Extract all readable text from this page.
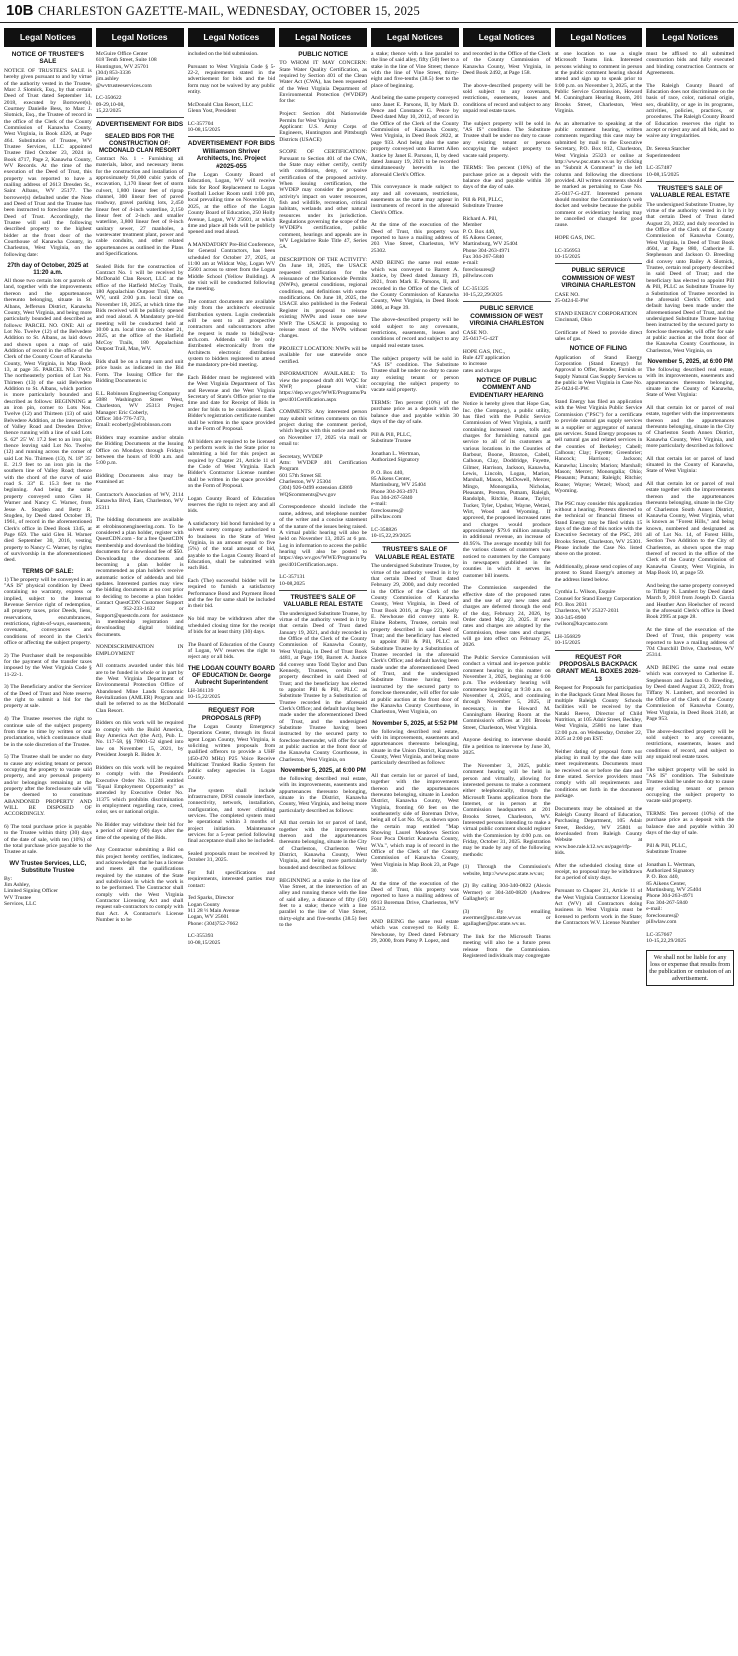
10B CHARLESTON GAZETTE-MAIL, WEDNESDAY, OCTOBER 15, 2025
Legal Notices
NOTICE OF TRUSTEE'S SALE
NOTICE OF TRUSTEE'S SALE is hereby given pursuant to and by virtue of the authority vested in the Trustee, Marc J. Slotnick, Esq., by that certain Deed of Trust dated September 14, 2018, executed by Borrower(s), Courtney Danielle Bess, to Marc J. Slotnick, Esq., the Trustee of record in the office of the Clerk of the County Commission of Kanawha County, West Virginia, in Book 4326, at Page 464. Substitution of Trustee, WV Trustee Services, LLC appointed Trustee filed October 23, 2024 in Book 4717, Page 2, Kanawha County, WV Records. At the time of the execution of the Deed of Trust, this property was reported to have a mailing address of 2613 Dresden St., Saint Albans, WV 25177. The borrower(s) defaulted under the Note and Deed of Trust and the Trustee has been instructed to foreclose under the Deed of Trust. Accordingly, the Trustee will sell the following described property to the highest bidder at the front door of the Courthouse of Kanawha County, in Charleston, West Virginia, on the following date:
27th day of October, 2025 at 11:20 a.m.
All those two certain lots or parcels of land, together with the improvements thereon and the appurtenances thereunto belonging, situate in St. Albans, Jefferson District, Kanawha County, West Virginia, and being more particularly bounded and described as follows: PARCEL NO. ONE: All of Lot No. Twelve (12) of the Belvedere Addition to St. Albans, as laid down and shown upon a map of said Addition of record in the office of the Clerk of the County Court of Kanawha County, West Virginia, in Map Book 13, at page 35. PARCEL NO. TWO: The northeasterly portion of Lot No. Thirteen (13) of the said Belvedere Addition to St. Albans, which portion is more particularly bounded and described as follows: BEGINNING at an iron pin, corner to Lots Nos. Twelve (12) and Thirteen (13) of said Belvedere Addition, at the intersection of Valley Road and Dresden Drive; thence running with a line of said Lots S. 62° 25' W. 17.2 feet to an iron pin; thence leaving said Lot No. Twelve (12) and running across the corner of said Lot No. Thirteen (13), N. 18° 35' E. 21.9 feet to an iron pin in the southern line of Valley Road; thence with the chord of the curve of said road S. 33° E. 15.3 feet to the beginning. And being the same property conveyed unto Glen H. Warner and Nancy C. Warner, from Jesse A. Stogden and Betty R. Stogden, by Deed dated October 19, 1961, of record in the aforementioned Clerk's office in Deed Book 1345, at Page 659. The said Glen H. Warner died September 30, 2016, vesting property to Nancy C. Warner, by rights of survivorship in the aforementioned deed.
TERMS OF SALE:
1) The property will be conveyed in an "AS IS" physical condition by Deed containing no warranty, express or implied, subject to the Internal Revenue Service right of redemption, all property taxes, prior Deeds, liens, reservations, encumbrances, restrictions, rights-of-ways, easements, covenants, conveyances and conditions of record in the Clerk's office or affecting the subject property.

2) The Purchaser shall be responsible for the payment of the transfer taxes imposed by the West Virginia Code § 11-22-1.

3) The Beneficiary and/or the Servicer of the Deed of Trust and Note reserve the right to submit a bid for the property at sale.

4) The Trustee reserves the right to continue sale of the subject property from time to time by written or oral proclamation, which continuance shall be in the sole discretion of the Trustee.

5) The Trustee shall be under no duty to cause any existing tenant or person occupying the property to vacate said property, and any personal property and/or belongings remaining at the property after the foreclosure sale will be deemed to constitute ABANDONED PROPERTY AND WILL BE DISPOSED OF ACCORDINGLY.

6) The total purchase price is payable to the Trustee within thirty (30) days of the date of sale, with ten (10%) of the total purchase price payable to the Trustee at sale.
WV Trustee Services, LLC, Substitute Trustee
By:
Jim Ashley,
Limited Signing Officer
WV Trustee
Services, LLC
Legal Notices
McGuire Office Center
618 Tenth Street, Suite 108
Huntington, WV 25701
(304) 853-3336
jim.ashley
@wvtrusteeservices.com

LC-350622
09-29,10-08,
15,22/2025
ADVERTISEMENT FOR BIDS
SEALED BIDS FOR THE CONSTRUCTION OF: MCDONALD CLAN RESORT
Contract No. 1 - Furnishing all materials, labor, and necessary items for the construction and installation of approximately 91,000 cubic yards of excavation, 1,170 linear feet of storm culvert, 1,800 linear feet of riprap channel, 300 linear feet of paved roadway, gravel parking lots, 2,450 linear feet of 4-inch waterline, 2,150 linear feet of 2-inch and smaller waterline, 3,800 linear feet of 8-inch sanitary sewer, 27 manholes, a wastewater treatment plant, power and cable conduits, and other related appurtenances as outlined in the Plans and Specifications.

Sealed Bids for the construction of Contract No. 1 will be received by McDonald Clan Resort, LLC at the office of the Hatfield McCoy Trails, 180 Appalachian Outpost Trail, Man, WV, until 2:00 p.m. local time on November 18, 2025, at which time the Bids received will be publicly opened and read aloud. A Mandatory pre-bid meeting will be conducted held at 10:00 a.m. local time on October 21, 2025, at the office of the Hatfield McCoy Trails, 180 Appalachian Outpost Trail, Man, WV.

Bids shall be on a lump sum and unit price basis as indicated in the Bid Form. The Issuing Office for the Bidding Documents is:

E.L. Robinson Engineering Company
5088 Washington Street West, Charleston, WV 25313 Project Manager: Eric Coberly,
Office: 304-776-7473,
Email: ecoberly@elrobinson.com

Bidders may examine and/or obtain the Bidding Documents at the Issuing Office on Mondays through Fridays between the hours of 8:00 a.m. and 5:00 p.m.

Bidding Documents also may be examined at:

Contractor's Association of WV, 2114 Kanawha Blvd, East, Charleston, WV 25311

The bidding documents are available at elrobinsonengineering.com. To be considered a plan holder, register with QuestCDN.com - for a free QuestCDN membership and download the bidding documents for a download fee of $50. Downloading the documents and becoming a plan holder is recommended as plan holder's receive automatic notice of addenda and bid updates. Interested parties may view the bidding documents at no cost prior to deciding to become a plan holder. Contact QuestCDN Customer Support at 952-233-1632 or Support@questcdn.com for assistance in membership registration and downloading digital bidding documents.

NONDISCRIMINATION IN EMPLOYMENT

All contracts awarded under this bid are to be funded in whole or in part by the West Virginia Department of Environmental Protection Office of Abandoned Mine Lands Economic Revitalization (AMLER) Program and shall be referred to as the McDonald Clan Resort.

Bidders on this work will be required to comply with the Build America, Buy America Act (the Act), Pub. L. No. 117-58, §§ 70901-52 signed into law on November 15, 2021, by President Joseph R. Biden Jr.

Bidders on this work will be required to comply with the President's Executive Order No. 11246 entitled "Equal Employment Opportunity" as amended by Executive Order No. 11375 which prohibits discrimination in employment regarding race, creed, color, sex or national origin.

No Bidder may withdraw their bid for a period of ninety (90) days after the time of the opening of the Bids.

Any Contractor submitting a Bid on this project hereby certifies, indicates, and acknowledges that he has a license and meets all the qualifications required by the statutes of the State and subdivision in which the work is to be performed. The Contractor shall comply with the West Virginia Contractor Licensing Act and shall request sub-contractors to comply with that Act. A Contractor's License Number is to be
Legal Notices
included on the bid submission.

Pursuant to West Virginia Code § 5-22-2, requirements stated in the advertisement for bids and the bid form may not be waived by any public entity.

McDonald Clan Resort, LLC
Glenn Yost, President

LC-357704
10-08,15/2025
ADVERTISEMENT FOR BIDS Williamson Shriver Architects, Inc. Project #2025-055
The Logan County Board of Education, Logan, WV will receive bids for Roof Replacement to Logan Football Locker Room until 1:00 pm, local prevailing time on November 10, 2025, at the office of the Logan County Board of Education, 250 Holly Avenue, Logan, WV 25601, at which time and place all bids will be publicly opened and read aloud.

A MANDATORY Pre-Bid Conference, for General Contractors, has been scheduled for October 27, 2025, at 11:00 am at Wildcat Way, Logan WV 25601 across to street from the Logan Middle School (Yellow Building). A site visit will be conducted following the meeting.

The contract documents are available only from the architect's electronic distribution system. Login credentials will be sent to all prospective contractors and subcontractors after the request is made to bids@wsa-arch.com. Addenda will be only distributed electronically from the Architects electronic distribution system to bidders registered to attend the mandatory pre-bid meeting.

Each Bidder must be registered with the West Virginia Department of Tax and Revenue and the West Virginia Secretary of State's Office prior to the time and date for Receipt of Bids in order for bids to be considered. Each Bidder's registration certificate number shall be written in the space provided on the Form of Proposal.

All bidders are required to be licensed to perform work in the State prior to submitting a bid for this project as required by Chapter 21, Article 11 of the Code of West Virginia. Each Bidder's Contractor License number shall be written in the space provided on the Form of Proposal.

Logan County Board of Education reserves the right to reject any and all bids.

A satisfactory bid bond furnished by a solvent surety company authorized to do business in the State of West Virginia, in an amount equal to five (5%) of the total amount of bid, payable to the Logan County Board of Education, shall be submitted with each Bid.

Each (The) successful bidder will be required to furnish a satisfactory Performance Bond and Payment Bond and the fee for same shall be included in their bid.

No bid may be withdrawn after the scheduled closing time for the receipt of bids for at least thirty (30) days.

The Board of Education of the County of Logan, WV reserves the right to reject any or all bids.
THE LOGAN COUNTY BOARD OF EDUCATION Dr. George Aubrecht Superintendent
LH-361139
10-15,22/2025
REQUEST FOR PROPOSALS (RFP)
The Logan County Emergency Operations Center, through its fiscal agent Logan County, West Virginia, is soliciting written proposals from qualified offerors to provide a UHF (450-470 MHz) P25 Voice Receive Multicast Trunked Radio System for public safety agencies in Logan County.

The system shall include infrastructure, DFSI console interface, connectivity, network, installation, configuration, and tower climbing services. The completed system must be operational within 3 months of project initiation. Maintenance services for a 5-year period following final acceptance shall also be included.

Sealed proposals must be received by October 31, 2025.

For full specifications and requirements, interested parties may contact:

Ted Sparks, Director
Logan County
911 28 ½ Main Avenue
Logan, WV 25601
Phone: (304)752-7662

LC-355393
10-08,15/2025
Legal Notices
PUBLIC NOTICE
TO WHOM IT MAY CONCERN: State Water Quality Certification, as required by Section 401 of the Clean Water Act (CWA), has been requested of the West Virginia Department of Environmental Protection (WVDEP) for the:

Project: Section 404 Nationwide Permits for West Virginia
Applicant: U.S. Army Corps of Engineers, Huntington and Pittsburgh Districts (USACE)

SCOPE OF CERTIFICATION: Pursuant to Section 401 of the CWA, the State may either certify, certify with conditions, deny, or waive certification of the proposed activity. When issuing certification, the WVDEP may consider the proposed activity's impact on water resources, fish and wildlife, recreation, critical habitats, wetlands and other natural resources under its jurisdiction. Regulations governing the scope of the WVDEP's certification, public comment, hearings and appeals are in WV Legislative Rule Title 47, Series 5A.

DESCRIPTION OF THE ACTIVITY: On June 18, 2025, the USACE requested certification for the reissuance of the Nationwide Permits (NWPs), general conditions, regional conditions, and definitions with some modifications. On June 18, 2025, the USACE also published in the Federal Register its proposal to reissue existing NWPs and issue one new NWP. The USACE is proposing to reissue most of the NWPs without changes.

PROJECT LOCATION: NWPs will be available for use statewide once certified.

INFORMATION AVAILABLE: To view the proposed draft 401 WQC for NWP, please visit: https://dep.wv.gov/WWE/Programs/Pages/401Certification.aspx

COMMENTS: Any interested person may submit written comments on this project during the comment period, which begins with this notice and ends on November 17, 2025 via mail or email to:

Secretary, WVDEP
Attn: WVDEP 401 Certification Program
601 57th Street SE
Charleston, WV 25304
(304) 926-0499 extension 43869
WQScomments@wv.gov

Correspondence should include the name, address, and telephone number of the writer and a concise statement of the nature of the issues being raised. A virtual public hearing will also be held on November 13, 2025 at 6 pm. Log in information to access the public hearing will also be posted to https://dep.wv.gov/WWE/Programs/Pages/401Certification.aspx.

LC-357131
10-08,2025
TRUSTEE'S SALE OF VALUABLE REAL ESTATE
The undersigned Substitute Trustee, by virtue of the authority vested in it by that certain Deed of Trust dated January 19, 2021, and duly recorded in the Office of the Clerk of the County Commission of Kanawha County, West Virginia, in Deed of Trust Book 4481, at Page 190, Barrett A. Justice did convey unto Todd Taylor and Dan Kennedy, Trustees, certain real property described in said Deed of Trust; and the beneficiary has elected to appoint Pill & Pill, PLLC as Substitute Trustee by a Substitution of Trustee recorded in the aforesaid Clerk's Office; and default having been made under the aforementioned Deed of Trust, and the undersigned Substitute Trustee having been instructed by the secured party to foreclose thereunder, will offer for sale at public auction at the front door of the Kanawha County Courthouse, in Charleston, West Virginia, on
November 5, 2025, at 6:00 PM
the following described real estate, with its improvements, easements and appurtenances thereunto belonging, situate in the District, Kanawha County, West Virginia, and being more particularly described as follows:

All that certain lot or parcel of land, together with the improvements thereon and the appurtenances thereunto belonging, situate in the City of Charleston, Charleston West District, Kanawha County, West Virginia, and being more particularly bounded and described as follows:

BEGINNING at a stake in the line of Vine Street, at the intersection of an alley and running thence with the line of said alley, a distance of fifty (50) feet to a stake; thence with a line parallel to the line of Vine Street, thirty-eight and five-tenths (38.5) feet to the
Legal Notices
a stake; thence with a line parallel to the line of said alley, fifty (50) feet to a stake in the line of Vine Street; thence with the line of Vine Street, thirty-eight and five-tenths (38.5) feet to the place of beginning.

And being the same property conveyed unto Janet E. Parsons, II, by Mark D. Pence and Constance G. Pence by Deed dated May 10, 2012, of record in the Office of the Clerk of the County Commission of Kanawha County, West Virginia, in Deed Book 2822, at page 933. And being also the same property conveyed unto Barrett Allen Justice by Janet E. Parsons, II, by deed dated January 19, 2021 to be recorded simultaneously herewith in the aforesaid Clerk's Office.

This conveyance is made subject to any and all covenants, restrictions, easements as the same may appear in instruments of record in the aforesaid Clerk's Office.

At the time of the execution of the Deed of Trust, this property was reported to have a mailing address of 203 Vine Street, Charleston, WV 25302.

AND BEING the same real estate which was conveyed to Barrett A. Justice, by Deed dated January 19, 2021, from Mark E. Parsons, II, and recorded in the Office of the Clerk of the County Commission of Kanawha County, West Virginia, in Deed Book 3086, at Page 39.

The above-described property will be sold subject to any covenants, restrictions, easements, leases and conditions of record and subject to any unpaid real estate taxes.

The subject property will be sold in "AS IS" condition. The Substitute Trustee shall be under no duty to cause any existing tenant or person occupying the subject property to vacate said property.

TERMS: Ten percent (10%) of the purchase price as a deposit with the balance due and payable within 30 days of the day of sale.

Pill & Pill, PLLC,
Substitute Trustee

Jonathan L. Wertman,
Authorized Signatory

P. O. Box 440,
85 Aikens Center,
Martinsburg, WV 25404
Phone 304-263-4971
Fax 304-267-5840
e-mail:
foreclosures@
pillwlaw.com

LC-358826
10-15,22,29/2025
TRUSTEE'S SALE OF VALUABLE REAL ESTATE
The undersigned Substitute Trustee, by virtue of the authority vested in it by that certain Deed of Trust dated February 29, 2000, and duly recorded in the Office of the Clerk of the County Commission of Kanawha County, West Virginia, in Deed of Trust Book 2016, at Page 221, Kelly E. Newhouse did convey unto R. Elaine Roberts, Trustee, certain real property described in said Deed of Trust; and the beneficiary has elected to appoint Pill & Pill, PLLC as Substitute Trustee by a Substitution of Trustee recorded in the aforesaid Clerk's Office; and default having been made under the aforementioned Deed of Trust, and the undersigned Substitute Trustee having been instructed by the secured party to foreclose thereunder, will offer for sale at public auction at the front door of the Kanawha County Courthouse, in Charleston, West Virginia, on
November 5, 2025, at 5:52 PM
the following described real estate, with its improvements, easements and appurtenances thereunto belonging, situate in the Union District, Kanawha County, West Virginia, and being more particularly described as follows:

All that certain lot or parcel of land, together with the improvements thereon and the appurtenances thereunto belonging, situate in Loudon District, Kanawha County, West Virginia, fronting 60 feet on the southeasterly side of Boreman Drive, being all of Lot No. 95, as shown upon the certain map entitled "Map Showing Laurel Meadows Section Four Poca District Kanawha County, W.Va.", which map is of record in the Office of the Clerk of the County Commission of Kanawha County, West Virginia in Map Book 23, at Page 30.

At the time of the execution of the Deed of Trust, this property was reported to have a mailing address of 6913 Boreman Drive, Charleston, WV 25312.

AND BEING the same real estate which was conveyed to Kelly E. Newhouse, by Deed dated February 29, 2000, from Patsy P. Lopez, and
Legal Notices
and recorded in the Office of the Clerk of the County Commission of Kanawha County, West Virginia, in Deed Book 2492, at Page 158.

The above-described property will be sold subject to any covenants, restrictions, easements, leases and conditions of record and subject to any unpaid real estate taxes.

The subject property will be sold in "AS IS" condition. The Substitute Trustee shall be under no duty to cause any existing tenant or person occupying the subject property to vacate said property.

TERMS: Ten percent (10%) of the purchase price as a deposit with the balance due and payable within 30 days of the day of sale.

Pill & Pill, PLLC,
Substitute Trustee

Richard A. Pill,
Member
P. O. Box 440,
85 Aikens Center,
Martinsburg, WV 25404
Phone 304-263-4971
Fax 304-267-5840
e-mail:
foreclosures@
pillwlaw.com

LC-351325
10-15,22,29/2025
PUBLIC SERVICE COMMISSION OF WEST VIRGINIA CHARLESTON
CASE NO.
25-0417-G-42T

HOPE GAS, INC.,
Rule 42T application
to increase
rates and charges
NOTICE OF PUBLIC COMMENT AND EVIDENTIARY HEARING
Notice is hereby given that Hope Gas, Inc. (the Company), a public utility, has filed with the Public Service Commission of West Virginia, a tariff containing increased rates, tolls and charges for furnishing natural gas service to all of its customers at various locations in the Counties of Barbour, Boone, Braxton, Cabell, Calhoun, Clay, Doddridge, Fayette, Gilmer, Harrison, Jackson, Kanawha, Lewis, Lincoln, Logan, Marion, Marshall, Mason, McDowell, Mercer, Mingo, Monongalia, Nicholas, Pleasants, Preston, Putnam, Raleigh, Randolph, Ritchie, Roane, Taylor, Tucker, Tyler, Upshur, Wayne, Wetzel, Wirt, Wood and Wyoming. If approved, the proposed increased rates and charges would produce approximately $79.6 million annually in additional revenue, an increase of 40.95%. The average monthly bill for the various classes of customers was noticed to customers by the Company in newspapers published in the counties in which it serves its customer bill inserts.

The Commission suspended the effective date of the proposed rates and the use of any new rates and charges are deferred through the end of the day, February 24, 2026, by Order dated May 23, 2025. If new rates and charges are adopted by the Commission, these rates and charges will go into effect on February 25, 2026.

The Public Service Commission will conduct a virtual and in-person public comment hearing in this matter on November 3, 2025, beginning at 6:00 p.m. The evidentiary hearing will commence beginning at 9:30 a.m. on November 4, 2025, and continuing through November 5, 2025, if necessary, in the Howard M. Cunningham Hearing Room at the Commission's offices at 201 Brooks Street, Charleston, West Virginia.

Anyone desiring to intervene should file a petition to intervene by June 30, 2025.

The November 3, 2025, public comment hearing will be held in person and virtually, allowing for interested persons to make a comment either telephonically, through the Microsoft Teams application from the Internet, or in person at the Commission headquarters at 201 Brooks Street, Charleston, WV. Interested persons intending to make a virtual public comment should register with the Commission by 4:00 p.m. on Friday, October 31, 2025. Registration may be made by any of the following methods:

(1) Through the Commission's website, http://www.psc.state.wv.us;

(2) By calling 304-340-0822 (Alexis Wermer) or 304-340-0820 (Andrew Gallagher); or

(3) By emailing awermer@psc.state.wv.us or agallagher@psc.state.wv.us.

The link for the Microsoft Teams meeting will also be a future press release from the Commission. Registered individuals may congregate
Legal Notices
at one location to use a single Microsoft Teams link. Interested persons wishing to comment in person at the public comment hearing should attend and sign up to speak prior to 6:00 p.m. on November 3, 2025, at the Public Service Commission, Howard M. Cunningham Hearing Room, 201 Brooks Street, Charleston, West Virginia.

As an alternative to speaking at the public comment hearing, written comments regarding this case may be submitted by mail to the Executive Secretary, P.O. Box 812, Charleston, West Virginia 25323 or online at http://www.psc.state.wv.us by clicking on "Submit A Comment" in the left column and following the directions provided. All written comments should be marked as pertaining to Case No. 25-0417-G-42T. Interested persons should monitor the Commission's web docket and website because the public comment or evidentiary hearing may be cancelled or changed for good cause.

HOPE GAS, INC.

LC-356953
10-15/2025
PUBLIC SERVICE COMMISSION OF WEST VIRGINIA CHARLESTON
CASE NO.
25-0424-E-PW

STAND ENERGY CORPORATION
Cincinnati, Ohio

Certificate of Need to provide direct sales of gas.
NOTICE OF FILING
Application of Stand Energy Corporation (Stand Energy) for Approval to Offer, Render, Furnish or Supply Natural Gas Supply Services to the public in West Virginia in Case No. 25-0424-E-PW.

Stand Energy has filed an application with the West Virginia Public Service Commission ("PSC") for a certificate to provide natural gas supply services as a supplier or aggregator of natural gas services. Stand Energy proposes to sell natural gas and related services in the counties of Berkeley; Cabell; Calhoun; Clay; Fayette; Greenbrier; Hancock; Harrison; Jackson; Kanawha; Lincoln; Marion; Marshall; Mason; Mercer; Monongalia; Ohio; Pleasants; Putnam; Raleigh; Ritchie; Roane; Wayne; Wetzel; Wood; and Wyoming.

The PSC may consider this application without a hearing. Protests directed to the technical or financial fitness of Stand Energy may be filed within 15 days of the date of this notice with the Executive Secretary of the PSC, 201 Brooks Street, Charleston, WV 25301. Please include the Case No. listed above on the protest.

Additionally, please send copies of any protest to Stand Energy's attorney at the address listed below.

Cynthia L. Wilson, Esquire
Counsel for Stand Energy Corporation
P.O. Box 2031
Charleston, WV 25327-2031
304-345-8900
cwilson@kaycasto.com

LH-356829
10-15/2025
REQUEST FOR PROPOSALS BACKPACK GRANT MEAL BOXES 2026-13
Request for Proposals for participation in the Backpack Grant Meal Boxes for multiple Raleigh County Schools facilities will be received by the Nataki Reeve, Director of Child Nutrition, at 105 Adair Street, Beckley, West Virginia, 25801 no later than 12:00 p.m. on Wednesday, October 22, 2025 at 2:00 pm EST.

Neither dating of proposal form nor placing in mail by the due date will meet requirements. Documents must be received on or before the date and time stated. Service providers must comply with all requirements and conditions set forth in the document package.

Documents may be obtained at the Raleigh County Board of Education, Purchasing Department, 105 Adair Street, Beckley, WV 25801 or downloaded from Raleigh County Website at www.boe.rale.k12.wv.us/page/rfp-bids.

After the scheduled closing time of receipt, no proposal may be withdrawn for a period of sixty days.

Pursuant to Chapter 21, Article 11 of the West Virginia Contractor Licensing Act (WV) all Contractors doing business in West Virginia must be licensed to perform work in the State; the Contractors W.V. License Number
Legal Notices
must be affixed to all submitted construction bids and fully executed and binding construction Contracts or Agreements.

The Raleigh County Board of Education does not discriminate on the basis of race, color, national origin, sex, disability, or age in its programs, activities, policies, practices, or procedures. The Raleigh County Board of Education reserves the right to accept or reject any and all bids, and to waive any irregularities.

Dr. Serena Starcher
Superintendent

LC-357487
10-08,15/2025
TRUSTEE'S SALE OF VALUABLE REAL ESTATE
The undersigned Substitute Trustee, by virtue of the authority vested in it by that certain Deed of Trust dated August 23, 2022, and duly recorded in the Office of the Clerk of the County Commission of Kanawha County, West Virginia, in Deed of Trust Book 4604, at Page 880, Catherine E. Stephenson and Jackson O. Breeding did convey unto Bailey A Slotnick, Trustee, certain real property described in said Deed of Trust; and the beneficiary has elected to appoint Pill & Pill, PLLC as Substitute Trustee by a Substitution of Trustee recorded in the aforesaid Clerk's Office; and default having been made under the aforementioned Deed of Trust, and the undersigned Substitute Trustee having been instructed by the secured party to foreclose thereunder, will offer for sale at public auction at the front door of the Kanawha County Courthouse, in Charleston, West Virginia, on
November 5, 2025, at 6:00 PM
The following described real estate, with its improvements, easements and appurtenances thereunto belonging, situate in the County of Kanawha, State of West Virginia:

All that certain lot or parcel of real estate, together with the improvements thereon and the appurtenances thereunto belonging, situate in the City of Charleston South Annex District, Kanawha County, West Virginia, and more particularly described as follows:

All that certain lot or parcel of land situated in the County of Kanawha, State of West Virginia:

All that certain lot or parcel of real estate together with the improvements thereon and the appurtenances thereunto belonging, situate in the City of Charleston South Annex District, Kanawha County, West Virginia, what is known as "Forest Hills," and being known, numbered and designated as all of Lot No. 14, of Forest Hills, Section Two Addition to the City of Charleston, as shown upon the map thereof of record in the office of the Clerk of the County Commission of Kanawha County, West Virginia, in Map Book 10, at page 59.

And being the same property conveyed to Tiffany N. Lambert by Deed dated March 9, 2018 from Joseph D. Garcia and Heather Ann Hoelscher of record in the aforesaid Clerk's office in Deed Book 2995 at page 28.

At the time of the execution of the Deed of Trust, this property was reported to have a mailing address of 704 Churchill Drive, Charleston, WV 25314.

AND BEING the same real estate which was conveyed to Catherine E. Stephenson and Jackson O. Breeding, by Deed dated August 23, 2022, from Tiffany N. Lambert, and recorded in the Office of the Clerk of the County Commission of Kanawha County, West Virginia, in Deed Book 3140, at Page 953.

The above-described property will be sold subject to any covenants, restrictions, easements, leases and conditions of record, and subject to any unpaid real estate taxes.

The subject property will be sold in "AS IS" condition. The Substitute Trustee shall be under no duty to cause any existing tenant or person occupying the subject property to vacate said property.

TERMS: Ten percent (10%) of the purchase price as a deposit with the balance due and payable within 30 days of the day of sale.

Pill & Pill, PLLC,
Substitute Trustee

Jonathan L. Wertman,
Authorized Signatory
P. O. Box 440,
85 Aikens Center,
Martinsburg, WV 25404
Phone 304-263-4971
Fax 304-267-5840
e-mail:
foreclosures@
pillwlaw.com

LC-357667
10-15,22,29/2025
We shall not be liable for any loss or expense that results from the publication or omission of an advertisement.
